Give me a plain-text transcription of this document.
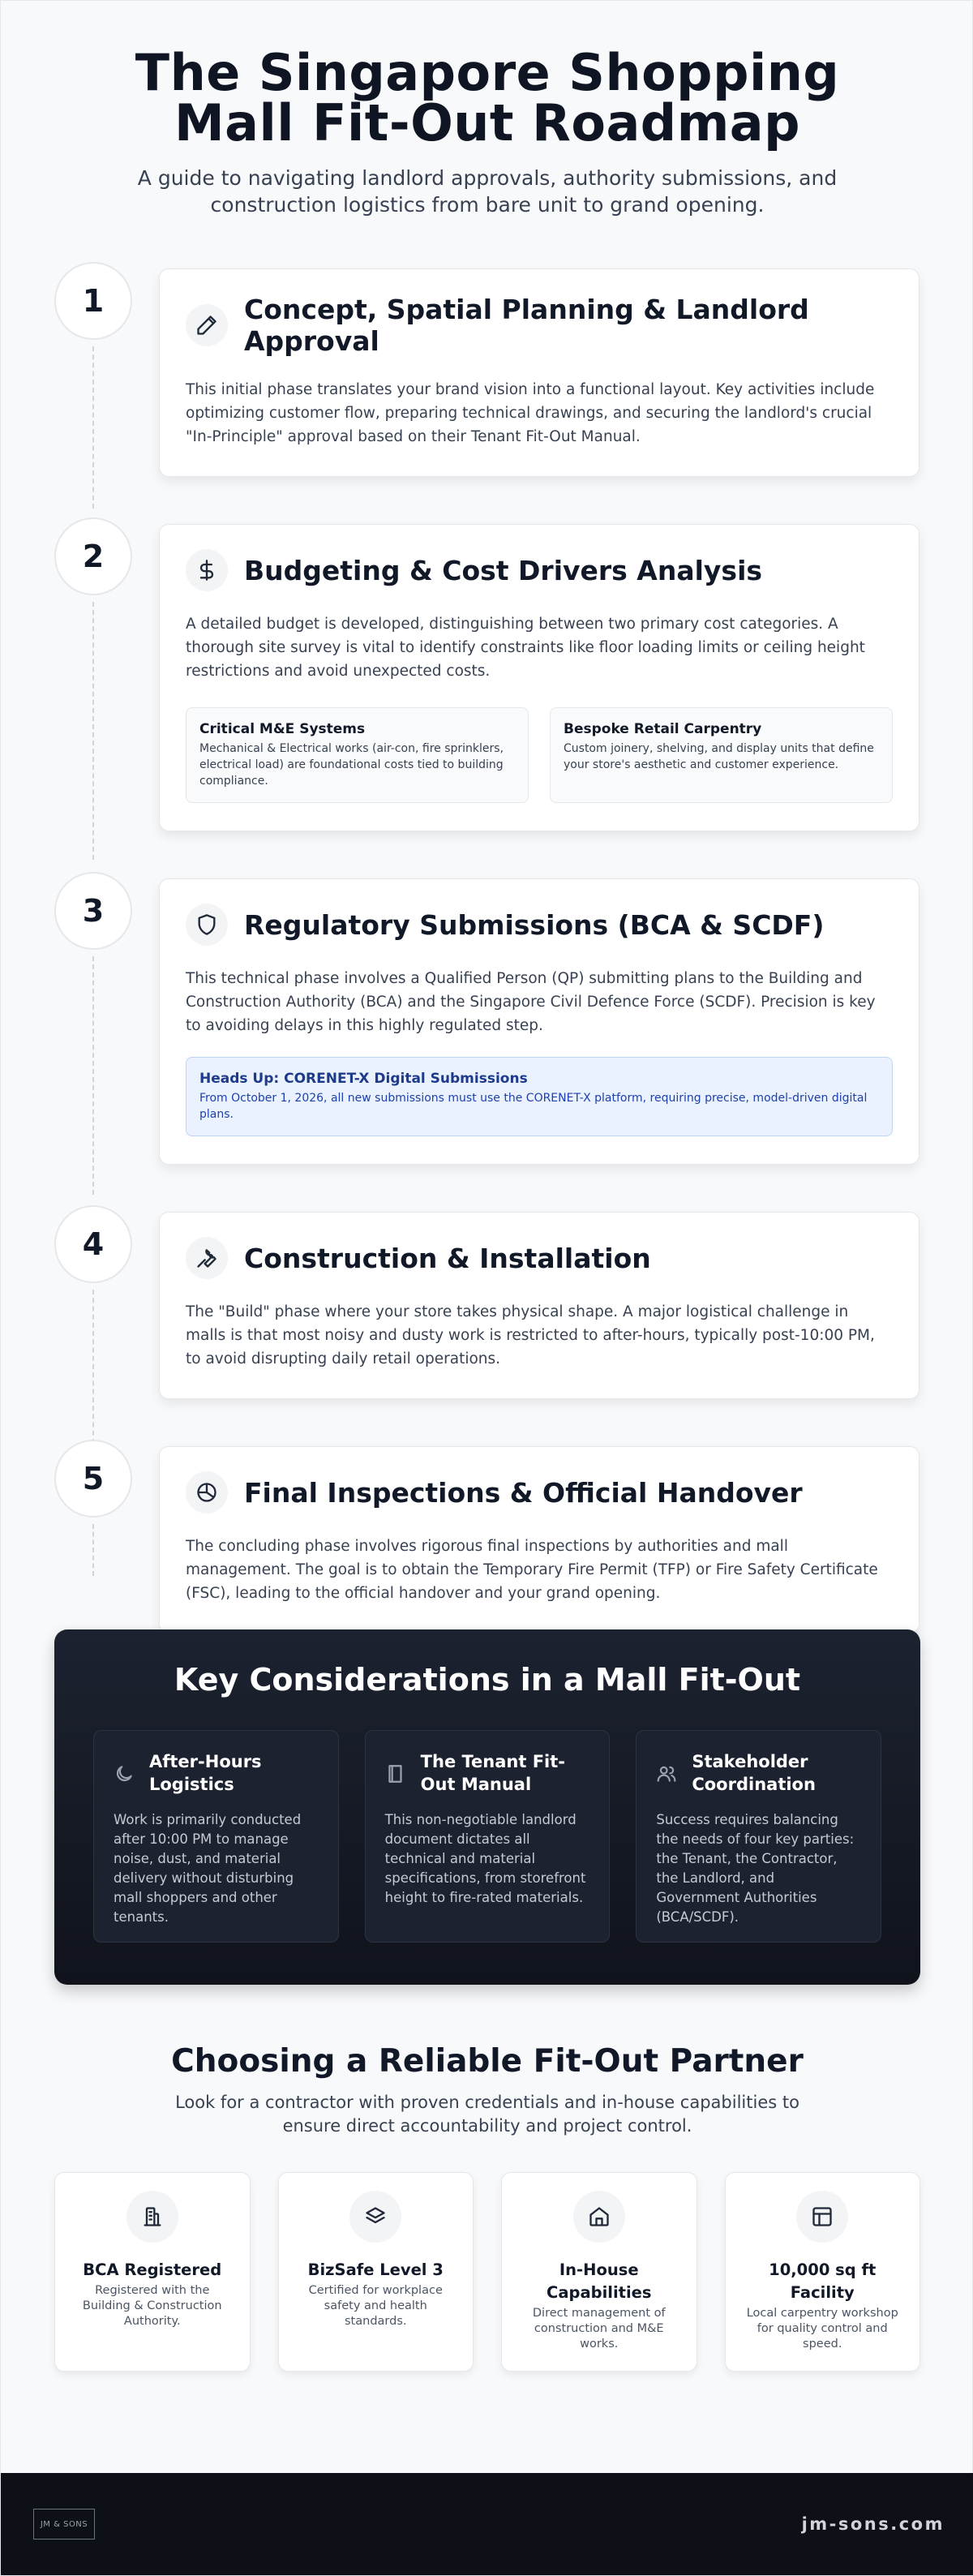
The Singapore Shopping Mall Fit-Out Roadmap

A guide to navigating landlord approvals, authority submissions, and construction logistics from bare unit to grand opening.

1	Concept, Spatial Planning & Landlord Approval

This initial phase translates your brand vision into a functional layout. Key activities include optimizing customer flow, preparing technical drawings, and securing the landlord's crucial "In-Principle" approval based on their Tenant Fit-Out Manual.

2	Budgeting & Cost Drivers Analysis

A detailed budget is developed, distinguishing between two primary cost categories. A thorough site survey is vital to identify constraints like floor loading limits or ceiling height restrictions and avoid unexpected costs.

Critical M&E Systems

Mechanical & Electrical works (air-con, fire sprinklers, electrical load) are foundational costs tied to building compliance.

Bespoke Retail Carpentry

Custom joinery, shelving, and display units that define your store's aesthetic and customer experience.

3	Regulatory Submissions (BCA & SCDF)

This technical phase involves a Qualified Person (QP) submitting plans to the Building and Construction Authority (BCA) and the Singapore Civil Defence Force (SCDF). Precision is key to avoiding delays in this highly regulated step.

Heads Up: CORENET-X Digital Submissions

From October 1, 2026, all new submissions must use the CORENET-X platform, requiring precise, model-driven digital plans.

4	Construction & Installation

The "Build" phase where your store takes physical shape. A major logistical challenge in malls is that most noisy and dusty work is restricted to after-hours, typically post-10:00 PM, to avoid disrupting daily retail operations.

5	Final Inspections & Official Handover

The concluding phase involves rigorous final inspections by authorities and mall management. The goal is to obtain the Temporary Fire Permit (TFP) or Fire Safety Certificate (FSC), leading to the official handover and your grand opening.

Key Considerations in a Mall Fit-Out
After-Hours Logistics

Work is primarily conducted after 10:00 PM to manage noise, dust, and material delivery without disturbing mall shoppers and other tenants.

The Tenant Fit-Out Manual

This non-negotiable landlord document dictates all technical and material specifications, from storefront height to fire-rated materials.

Stakeholder Coordination

Success requires balancing the needs of four key parties: the Tenant, the Contractor, the Landlord, and Government Authorities (BCA/SCDF).

Choosing a Reliable Fit-Out Partner

Look for a contractor with proven credentials and in-house capabilities to ensure direct accountability and project control.

BCA Registered

Registered with the Building & Construction Authority.

BizSafe Level 3

Certified for workplace safety and health standards.

In-House Capabilities

Direct management of construction and M&E works.

10,000 sq ft Facility

Local carpentry workshop for quality control and speed.

JM & SONS	jm-sons.com
